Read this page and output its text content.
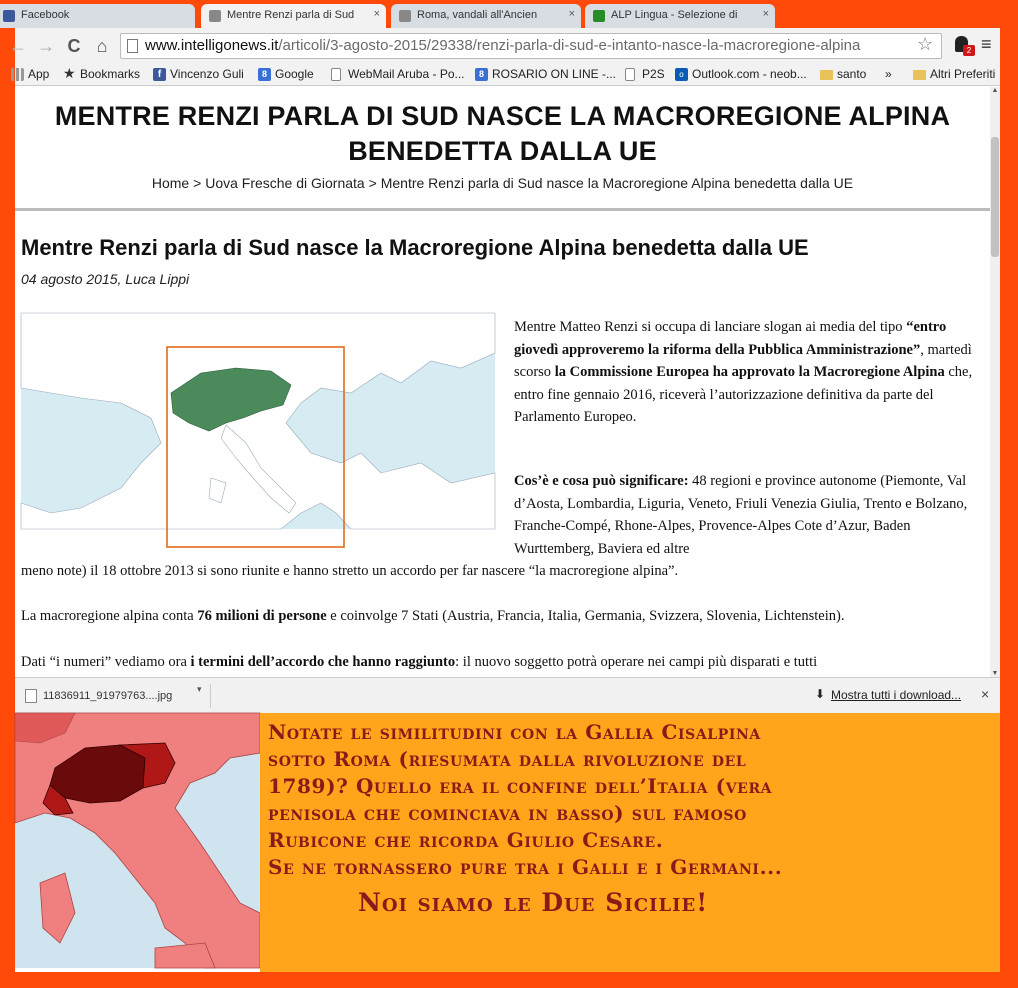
Facebook	Mentre Renzi parla di Sud ×	Roma, vandali all'Ancien	×	ALP Lingua - Selezione di ×
← → C ⌂	www.intelligonews.it/articoli/3-agosto-2015/29338/renzi-parla-di-sud-e-intanto-nasce-la-macroregione-alpina	☆	2 ≡
App ★ Bookmarks	f Vincenzo Guli	8 Google	WebMail Aruba - Po...	8 ROSARIO ON LINE -...	P2S	o Outlook.com - neob...	santo »	Altri Preferiti
MENTRE RENZI PARLA DI SUD NASCE LA MACROREGIONE ALPINA
BENEDETTA DALLA UE
Home > Uova Fresche di Giornata > Mentre Renzi parla di Sud nasce la Macroregione Alpina benedetta dalla UE
Mentre Renzi parla di Sud nasce la Macroregione Alpina benedetta dalla UE
04 agosto 2015, Luca Lippi
Mentre Matteo Renzi si occupa di lanciare slogan ai media del tipo “entro giovedì approveremo la riforma della Pubblica Amministrazione”, martedì scorso la Commissione Europea ha approvato la Macroregione Alpina che, entro fine gennaio 2016, riceverà l’autorizzazione definitiva da parte del Parlamento Europeo.
Cos’è e cosa può significare: 48 regioni e province autonome (Piemonte, Val d’Aosta, Lombardia, Liguria, Veneto, Friuli Venezia Giulia, Trento e Bolzano, Franche-Compé, Rhone-Alpes, Provence-Alpes Cote d’Azur, Baden Wurttemberg, Baviera ed altre
meno note) il 18 ottobre 2013 si sono riunite e hanno stretto un accordo per far nascere “la macroregione alpina”.
La macroregione alpina conta 76 milioni di persone e coinvolge 7 Stati (Austria, Francia, Italia, Germania, Svizzera, Slovenia, Lichtenstein).
Dati “i numeri” vediamo ora i termini dell’accordo che hanno raggiunto: il nuovo soggetto potrà operare nei campi più disparati e tutti
▲
▼
11836911_91979763....jpg
▾	⬇ Mostra tutti i download... ×
Notate le similitudini con la Gallia Cisalpina
sotto Roma (riesumata dalla rivoluzione del
1789)? Quello era il confine dell’Italia (vera
penisola che cominciava in basso) sul famoso
Rubicone che ricorda Giulio Cesare.
Se ne tornassero pure tra i Galli e i Germani...
Noi siamo le Due Sicilie!
